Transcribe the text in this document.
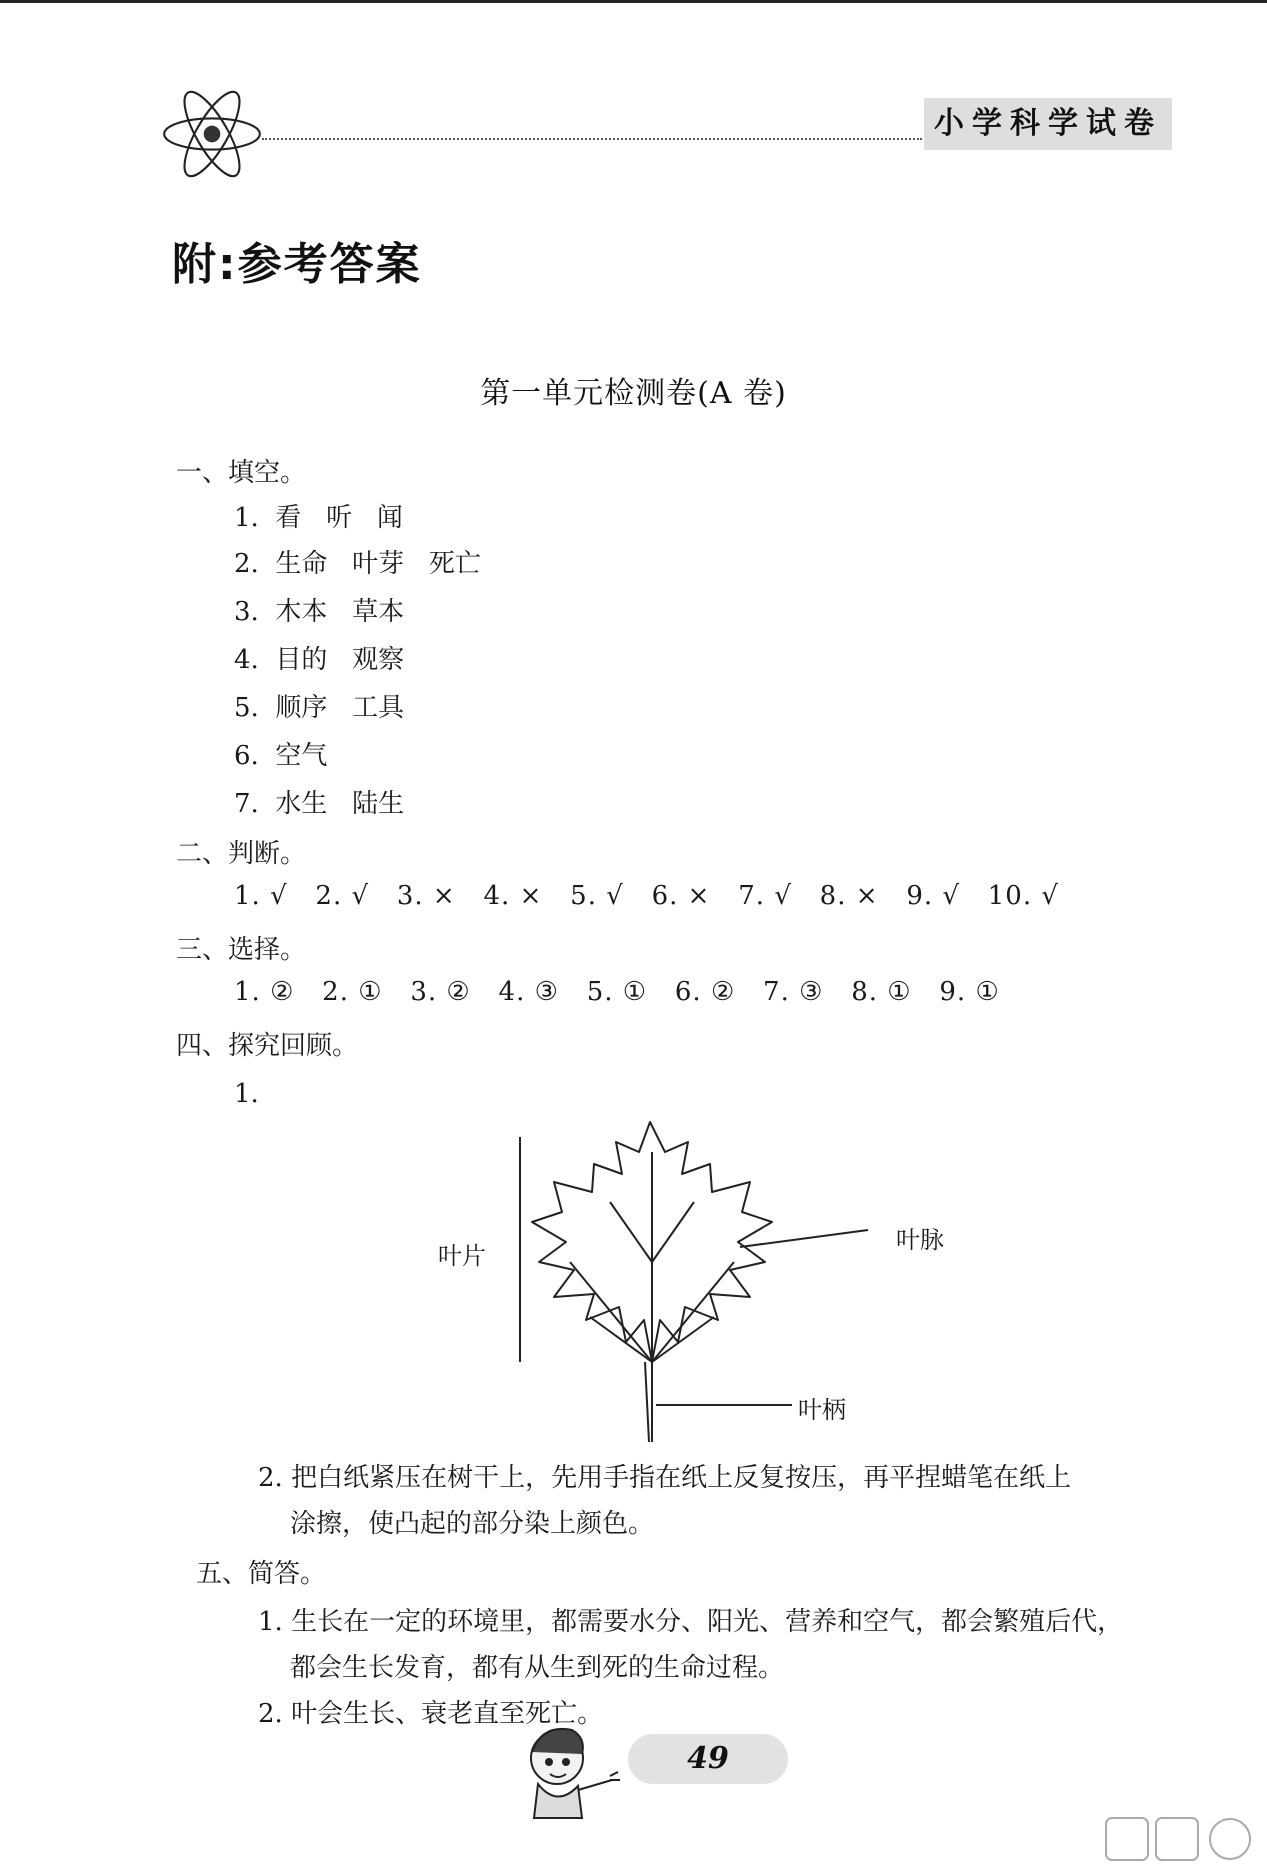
小学科学试卷
附:参考答案
第一单元检测卷(A 卷)
一、填空。
1.  看   听   闻
2.  生命   叶芽   死亡
3.  木本   草本
4.  目的   观察
5.  顺序   工具
6.  空气
7.  水生   陆生
二、判断。
1. √   2. √   3. ×   4. ×   5. √   6. ×   7. √   8. ×   9. √   10. √
三、选择。
1. ②   2. ①   3. ②   4. ③   5. ①   6. ②   7. ③   8. ①   9. ①
四、探究回顾。
1.
叶片
叶脉
叶柄
2. 把白纸紧压在树干上，先用手指在纸上反复按压，再平捏蜡笔在纸上
涂擦，使凸起的部分染上颜色。
五、简答。
1. 生长在一定的环境里，都需要水分、阳光、营养和空气，都会繁殖后代，
都会生长发育，都有从生到死的生命过程。
2. 叶会生长、衰老直至死亡。
49
